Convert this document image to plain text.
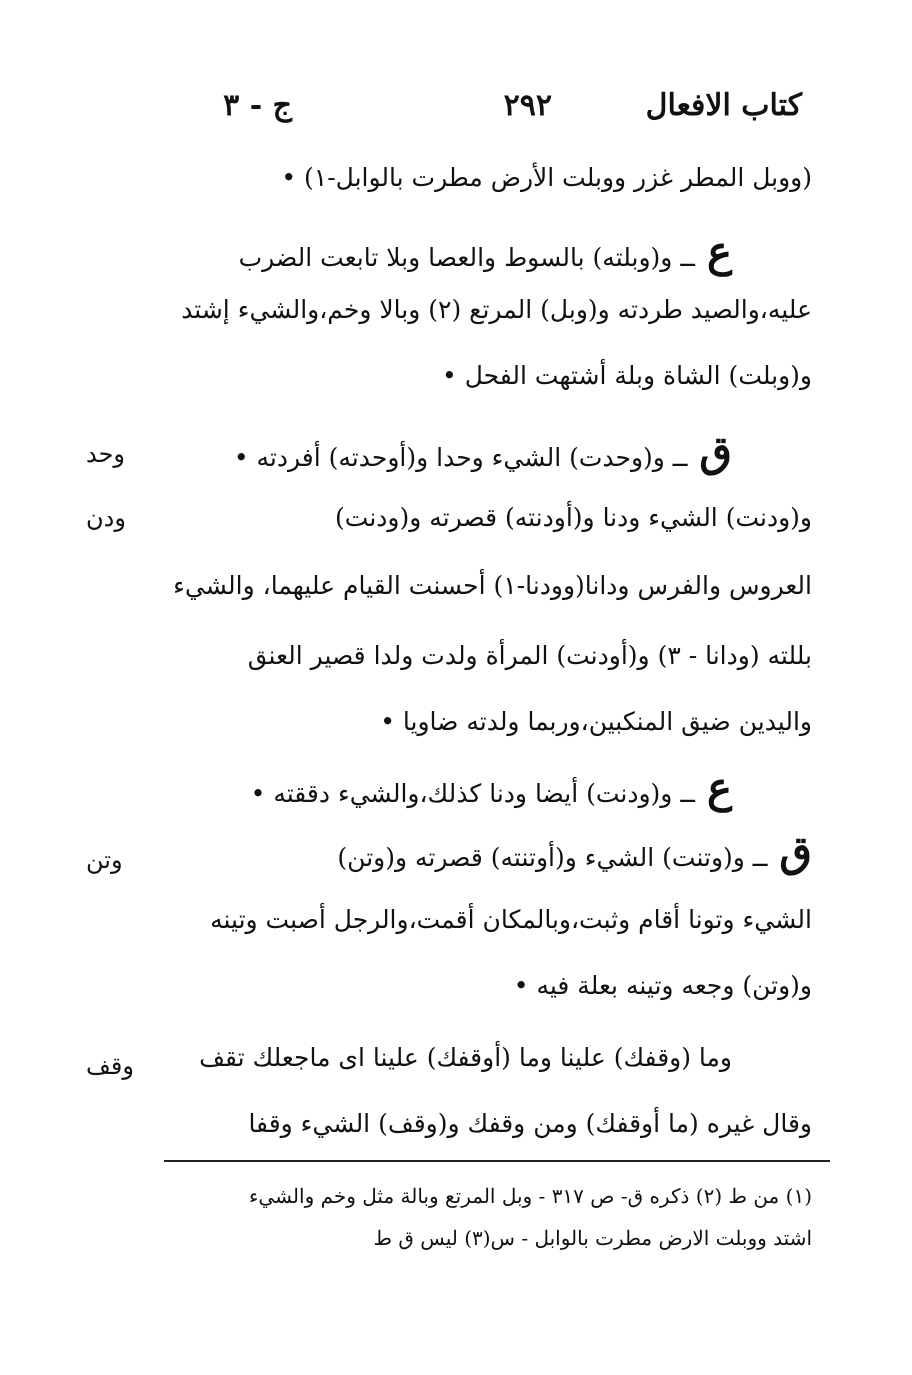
كتاب الافعال
٢٩٢
ج - ٣
(ووبل المطر غزر ووبلت الأرض مطرت بالوابل-١) •
ع ــ و(وبلته) بالسوط والعصا وبلا تابعت الضرب
عليه،والصيد طردته و(وبل) المرتع (٢) وبالا وخم،والشيء إشتد
و(وبلت) الشاة وبلة أشتهت الفحل •
ق ــ و(وحدت) الشيء وحدا و(أوحدته) أفردته •
و(ودنت) الشيء ودنا و(أودنته) قصرته و(ودنت)
العروس والفرس ودانا(وودنا-١) أحسنت القيام عليهما، والشيء
بللته (ودانا - ٣) و(أودنت) المرأة ولدت ولدا قصير العنق
واليدين ضيق المنكبين،وربما ولدته ضاويا •
ع ــ و(ودنت) أيضا ودنا كذلك،والشيء دققته •
ق ــ و(وتنت) الشيء و(أوتنته) قصرته و(وتن)
الشيء وتونا أقام وثبت،وبالمكان أقمت،والرجل أصبت وتينه
و(وتن) وجعه وتينه بعلة فيه •
وما (وقفك) علينا وما (أوقفك) علينا اى ماجعلك تقف
وقال غيره (ما أوقفك) ومن وقفك و(وقف) الشيء وقفا
وحد
ودن
وتن
وقف
(١) من ط (٢) ذكره ق- ص ٣١٧ - وبل المرتع وبالة مثل وخم والشيء
اشتد ووبلت الارض مطرت بالوابل - س(٣) ليس ق ط
